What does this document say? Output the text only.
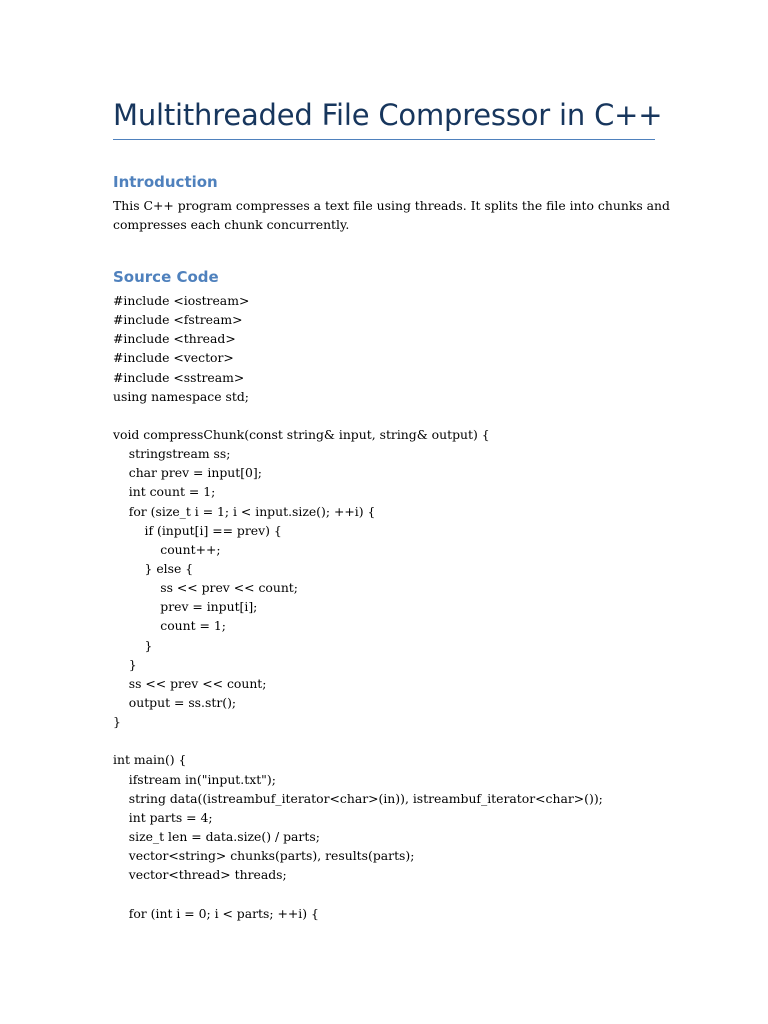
Multithreaded File Compressor in C++
Introduction

This C++ program compresses a text file using threads. It splits the file into chunks and
compresses each chunk concurrently.

Source Code
#include <iostream>
#include <fstream>
#include <thread>
#include <vector>
#include <sstream>
using namespace std;
void compressChunk(const string& input, string& output) {
stringstream ss;
char prev = input[0];
int count = 1;
for (size_t i = 1; i < input.size(); ++i) {
if (input[i] == prev) {
count++;
} else {
ss << prev << count;
prev = input[i];
count = 1;
}
}
ss << prev << count;
output = ss.str();
}
int main() {
ifstream in("input.txt");
string data((istreambuf_iterator<char>(in)), istreambuf_iterator<char>());
int parts = 4;
size_t len = data.size() / parts;
vector<string> chunks(parts), results(parts);
vector<thread> threads;
for (int i = 0; i < parts; ++i) {
